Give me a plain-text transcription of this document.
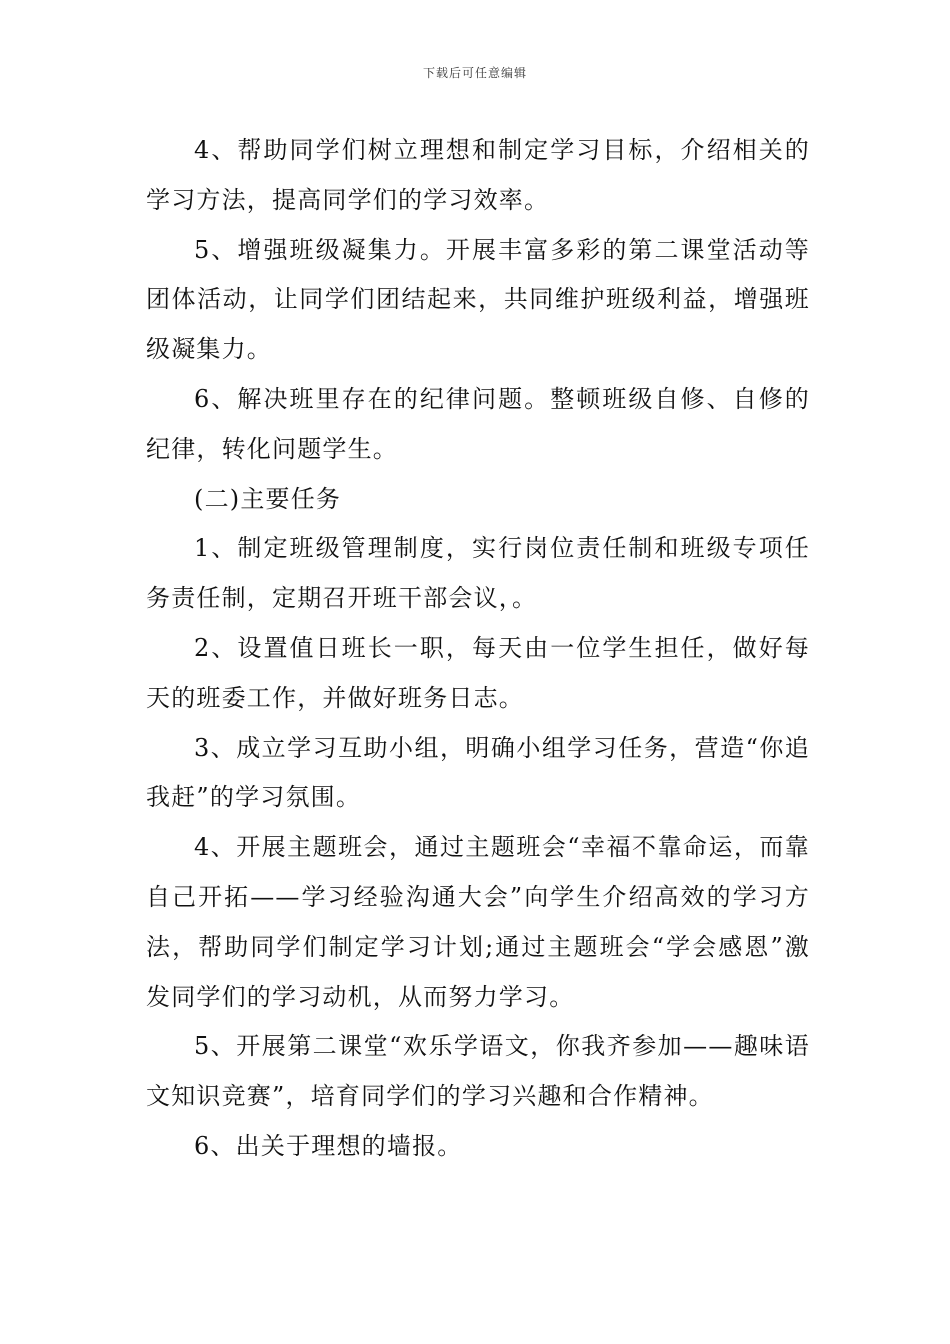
下载后可任意编辑

4、帮助同学们树立理想和制定学习目标，介绍相关的学习方法，提高同学们的学习效率。

5、增强班级凝集力。开展丰富多彩的第二课堂活动等团体活动，让同学们团结起来，共同维护班级利益，增强班级凝集力。

6、解决班里存在的纪律问题。整顿班级自修、自修的纪律，转化问题学生。

(二)主要任务

1、制定班级管理制度，实行岗位责任制和班级专项任务责任制，定期召开班干部会议，。

2、设置值日班长一职，每天由一位学生担任，做好每天的班委工作，并做好班务日志。

3、成立学习互助小组，明确小组学习任务，营造“你追我赶”的学习氛围。

4、开展主题班会，通过主题班会“幸福不靠命运，而靠自己开拓——学习经验沟通大会”向学生介绍高效的学习方法，帮助同学们制定学习计划;通过主题班会“学会感恩”激发同学们的学习动机，从而努力学习。

5、开展第二课堂“欢乐学语文，你我齐参加——趣味语文知识竞赛”，培育同学们的学习兴趣和合作精神。

6、出关于理想的墙报。
